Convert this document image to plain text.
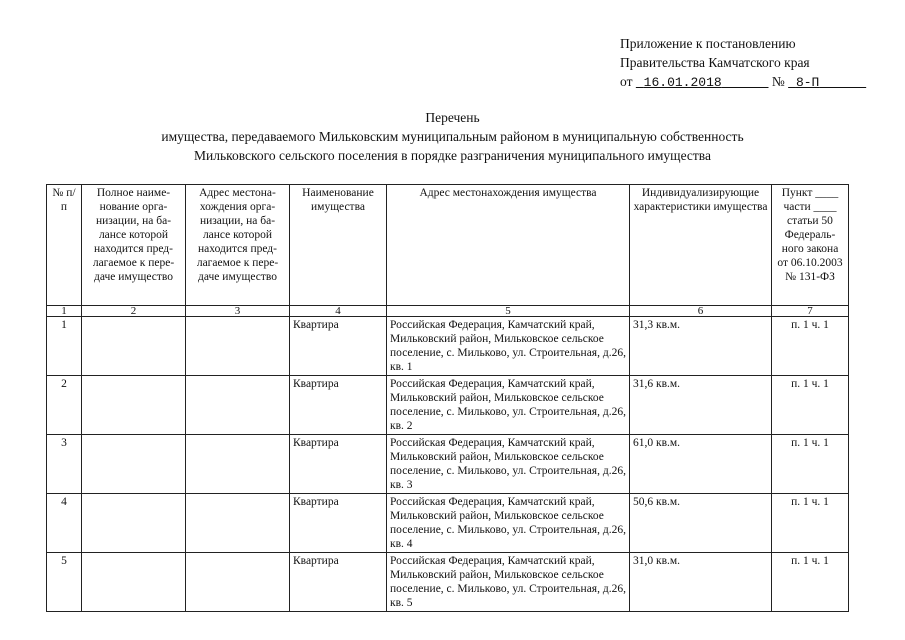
Приложение к постановлению
Правительства Камчатского края
от 16.01.2018	№ 8-П
Перечень
имущества, передаваемого Мильковским муниципальным районом в муниципальную собственность
Мильковского сельского поселения в порядке разграничения муниципального имущества
№ п/п	Полное наиме-нование орга-низации, на ба-лансе которой находится пред-лагаемое к пере-даче имущество	Адрес местона-хождения орга-низации, на ба-лансе которой находится пред-лагаемое к пере-даче имущество	Наименование имущества	Адрес местонахождения имущества	Индивидуализирующие характеристики имущества	Пункт ____ части ____ статьи 50 Федераль-ного закона от 06.10.2003 № 131-ФЗ
1	2	3	4	5	6	7
1			Квартира	Российская Федерация, Камчатский край, Мильковский район, Мильковское сельское поселение, с. Мильково, ул. Строительная, д.26, кв. 1	31,3 кв.м.	п. 1 ч. 1
2			Квартира	Российская Федерация, Камчатский край, Мильковский район, Мильковское сельское поселение, с. Мильково, ул. Строительная, д.26, кв. 2	31,6 кв.м.	п. 1 ч. 1
3			Квартира	Российская Федерация, Камчатский край, Мильковский район, Мильковское сельское поселение, с. Мильково, ул. Строительная, д.26, кв. 3	61,0 кв.м.	п. 1 ч. 1
4			Квартира	Российская Федерация, Камчатский край, Мильковский район, Мильковское сельское поселение, с. Мильково, ул. Строительная, д.26, кв. 4	50,6 кв.м.	п. 1 ч. 1
5			Квартира	Российская Федерация, Камчатский край, Мильковский район, Мильковское сельское поселение, с. Мильково, ул. Строительная, д.26, кв. 5	31,0 кв.м.	п. 1 ч. 1
